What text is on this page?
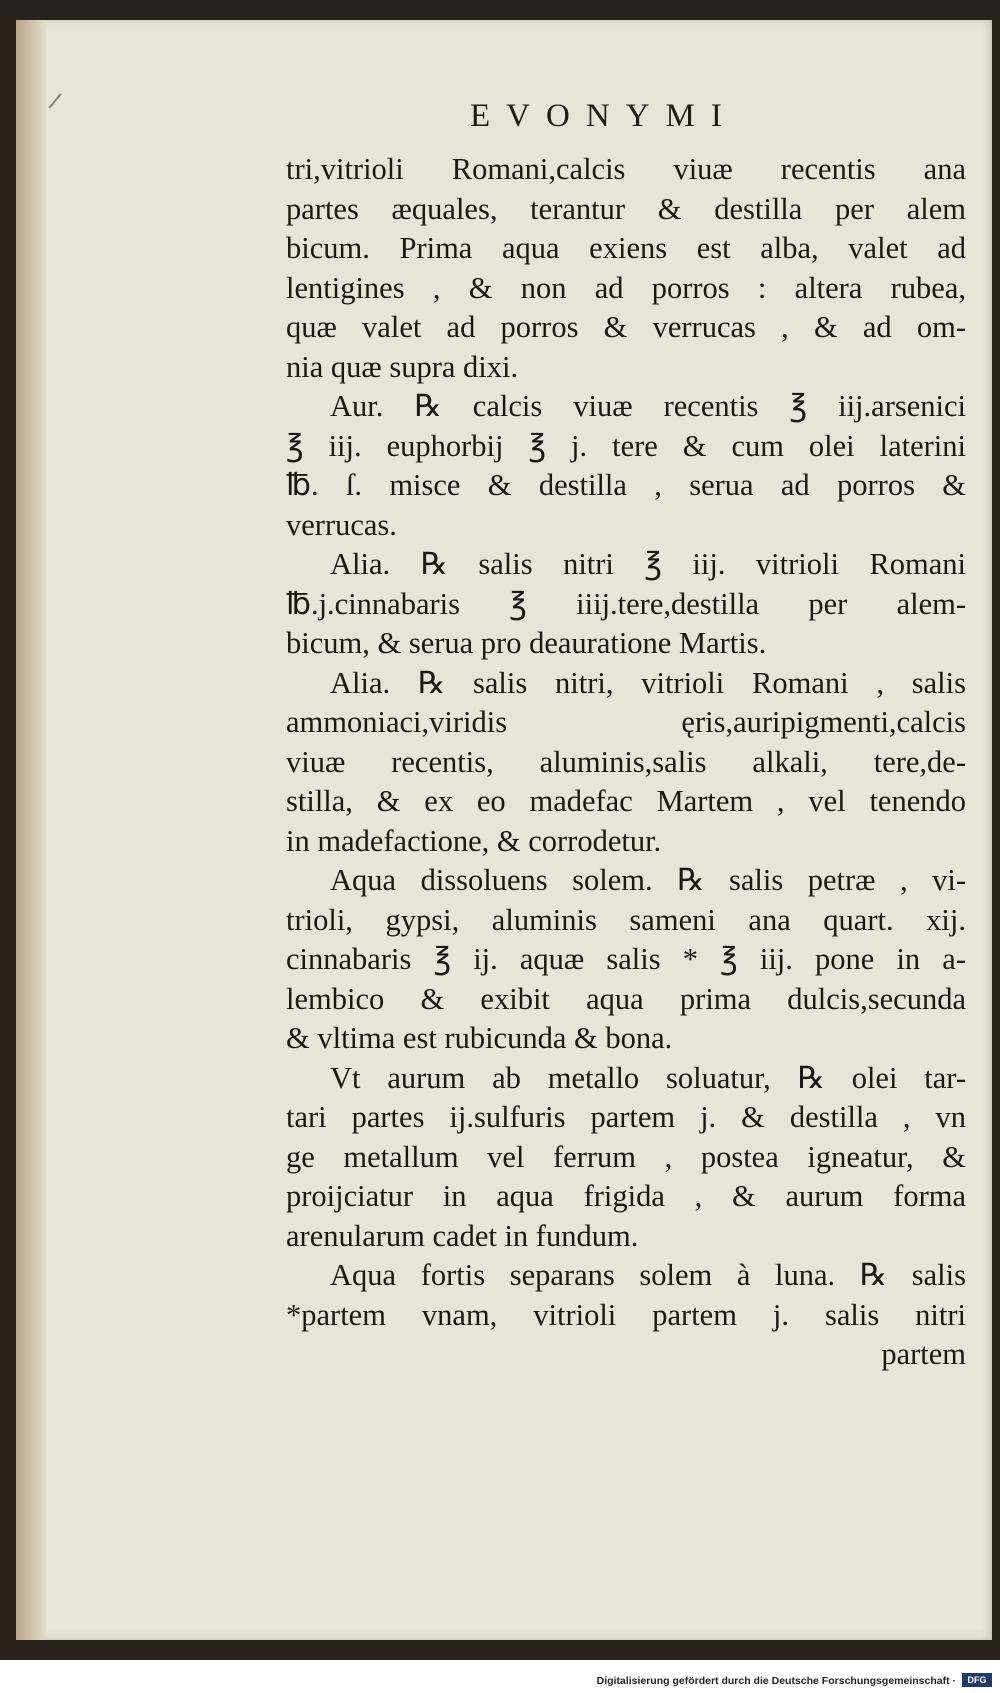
EVONYMI
tri,vitrioli Romani,calcis viuæ recentis ana
partes æquales, terantur & destilla per alem
bicum. Prima aqua exiens est alba, valet ad
lentigines , & non ad porros : altera rubea,
quæ valet ad porros & verrucas , & ad om-
nia quæ supra dixi.
Aur. ℞ calcis viuæ recentis ℥ iij.arsenici
℥ iij. euphorbij ℥ j. tere & cum olei laterini
℔. ſ. misce & destilla , serua ad porros &
verrucas.
Alia. ℞ salis nitri ℥ iij. vitrioli Romani
℔.j.cinnabaris ℥ iiij.tere,destilla per alem-
bicum, & serua pro deauratione Martis.
Alia. ℞ salis nitri, vitrioli Romani , salis
ammoniaci,viridis ęris,auripigmenti,calcis
viuæ recentis, aluminis,salis alkali, tere,de-
stilla, & ex eo madefac Martem , vel tenendo
in madefactione, & corrodetur.
Aqua dissoluens solem. ℞ salis petræ , vi-
trioli, gypsi, aluminis sameni ana quart. xij.
cinnabaris ℥ ij. aquæ salis * ℥ iij. pone in a-
lembico & exibit aqua prima dulcis,secunda
& vltima est rubicunda & bona.
Vt aurum ab metallo soluatur, ℞ olei tar-
tari partes ij.sulfuris partem j. & destilla , vn
ge metallum vel ferrum , postea igneatur, &
proijciatur in aqua frigida , & aurum forma
arenularum cadet in fundum.
Aqua fortis separans solem à luna. ℞ salis
*partem vnam, vitrioli partem j. salis nitri
partem
Digitalisierung gefördert durch die Deutsche Forschungsgemeinschaft ·	DFG
